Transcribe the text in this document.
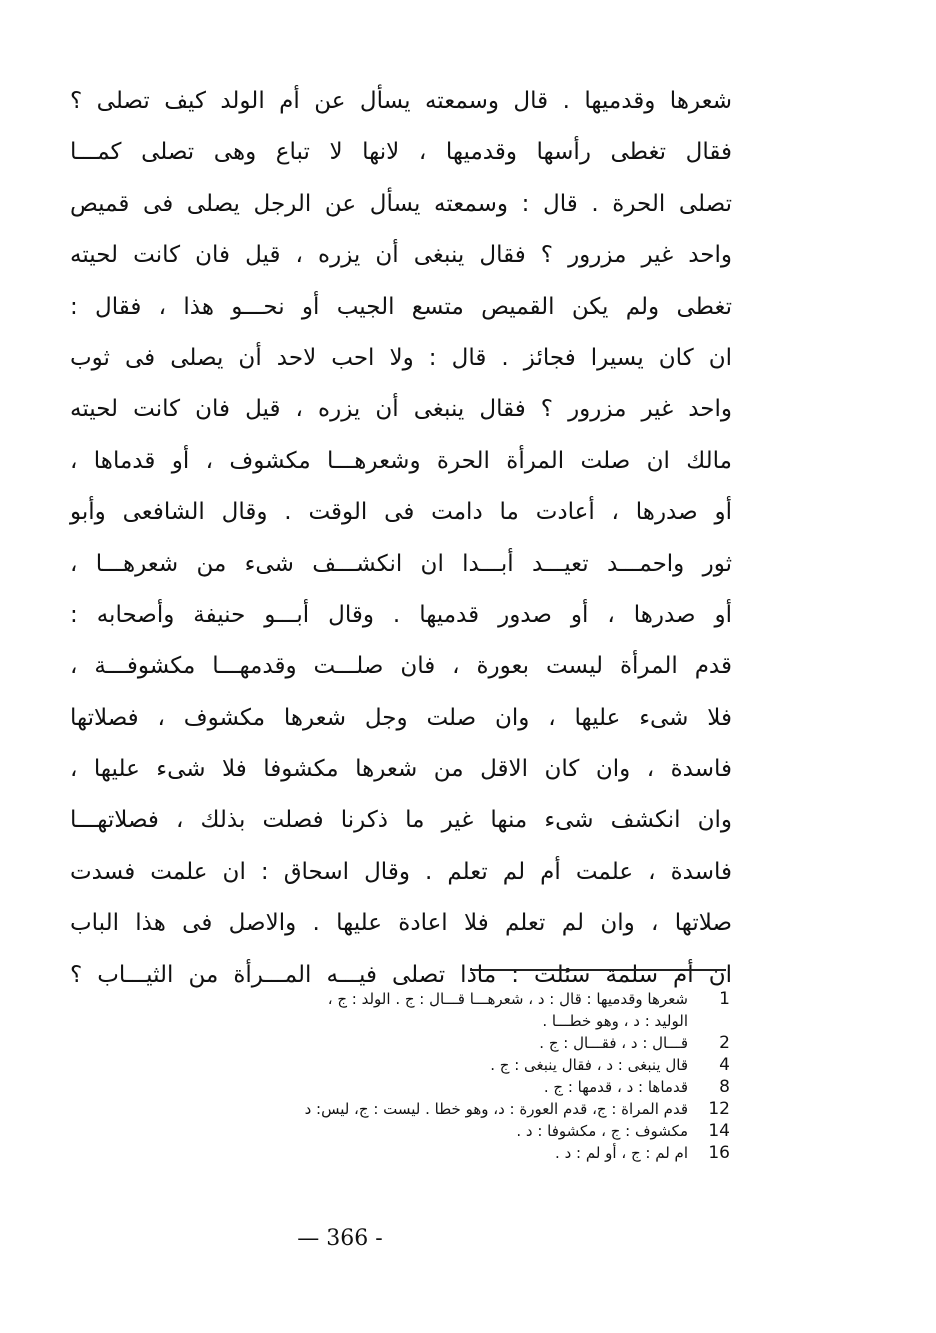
شعرها وقدميها . قال وسمعته يسأل عن أم الولد كيف تصلى ؟
فقال تغطى رأسها وقدميها ، لانها لا تباع وهى تصلى كمـــا
تصلى الحرة . قال : وسمعته يسأل عن الرجل يصلى فى قميص
واحد غير مزرور ؟ فقال ينبغى أن يزره ، قيل فان كانت لحيته
تغطى ولم يكن القميص متسع الجيب أو نحـــو هذا ، فقال :
ان كان يسيرا فجائز . قال : ولا احب لاحد أن يصلى فى ثوب
واحد غير مزرور ؟ فقال ينبغى أن يزره ، قيل فان كانت لحيته
مالك ان صلت المرأة الحرة وشعرهـــا مكشوف ، أو قدماها ،
أو صدرها ، أعادت ما دامت فى الوقت . وقال الشافعى وأبو
ثور واحمـــد تعيـــد أبـــدا ان انكشـــف شىء من شعرهـــا ،
أو صدرها ، أو صدور قدميها . وقال أبـــو حنيفة وأصحابه :
قدم المرأة ليست بعورة ، فان صلـــت وقدمهـــا مكشوفـــة ،
فلا شىء عليها ، وان صلت وجل شعرها مكشوف ، فصلاتها
فاسدة ، وان كان الاقل من شعرها مكشوفا فلا شىء عليها ،
وان انكشف شىء منها غير ما ذكرنا فصلت بذلك ، فصلاتهـــا
فاسدة ، علمت أم لم تعلم . وقال اسحاق : ان علمت فسدت
صلاتها ، وان لم تعلم فلا اعادة عليها . والاصل فى هذا الباب
ان أم سلمة سئلت : ماذا تصلى فيـــه المـــرأة من الثيـــاب ؟
1
شعرها وقدميها : قال : د ، شعرهـــا قـــال : ج . الولد : ج ،
الوليد : د ، وهو خطـــا .
2
قـــال : د ، فقـــال : ج .
4
قال ينبغى : د ، فقال ينبغى : ج .
8
قدماها : د ، قدمها : ج .
12
قدم المراة : ج، قدم العورة : د، وهو خطا . ليست : ج، ليس: د
14
مكشوف : ج ، مكشوفا : د .
16
ام لم : ج ، أو لم : د .
— 366 -
